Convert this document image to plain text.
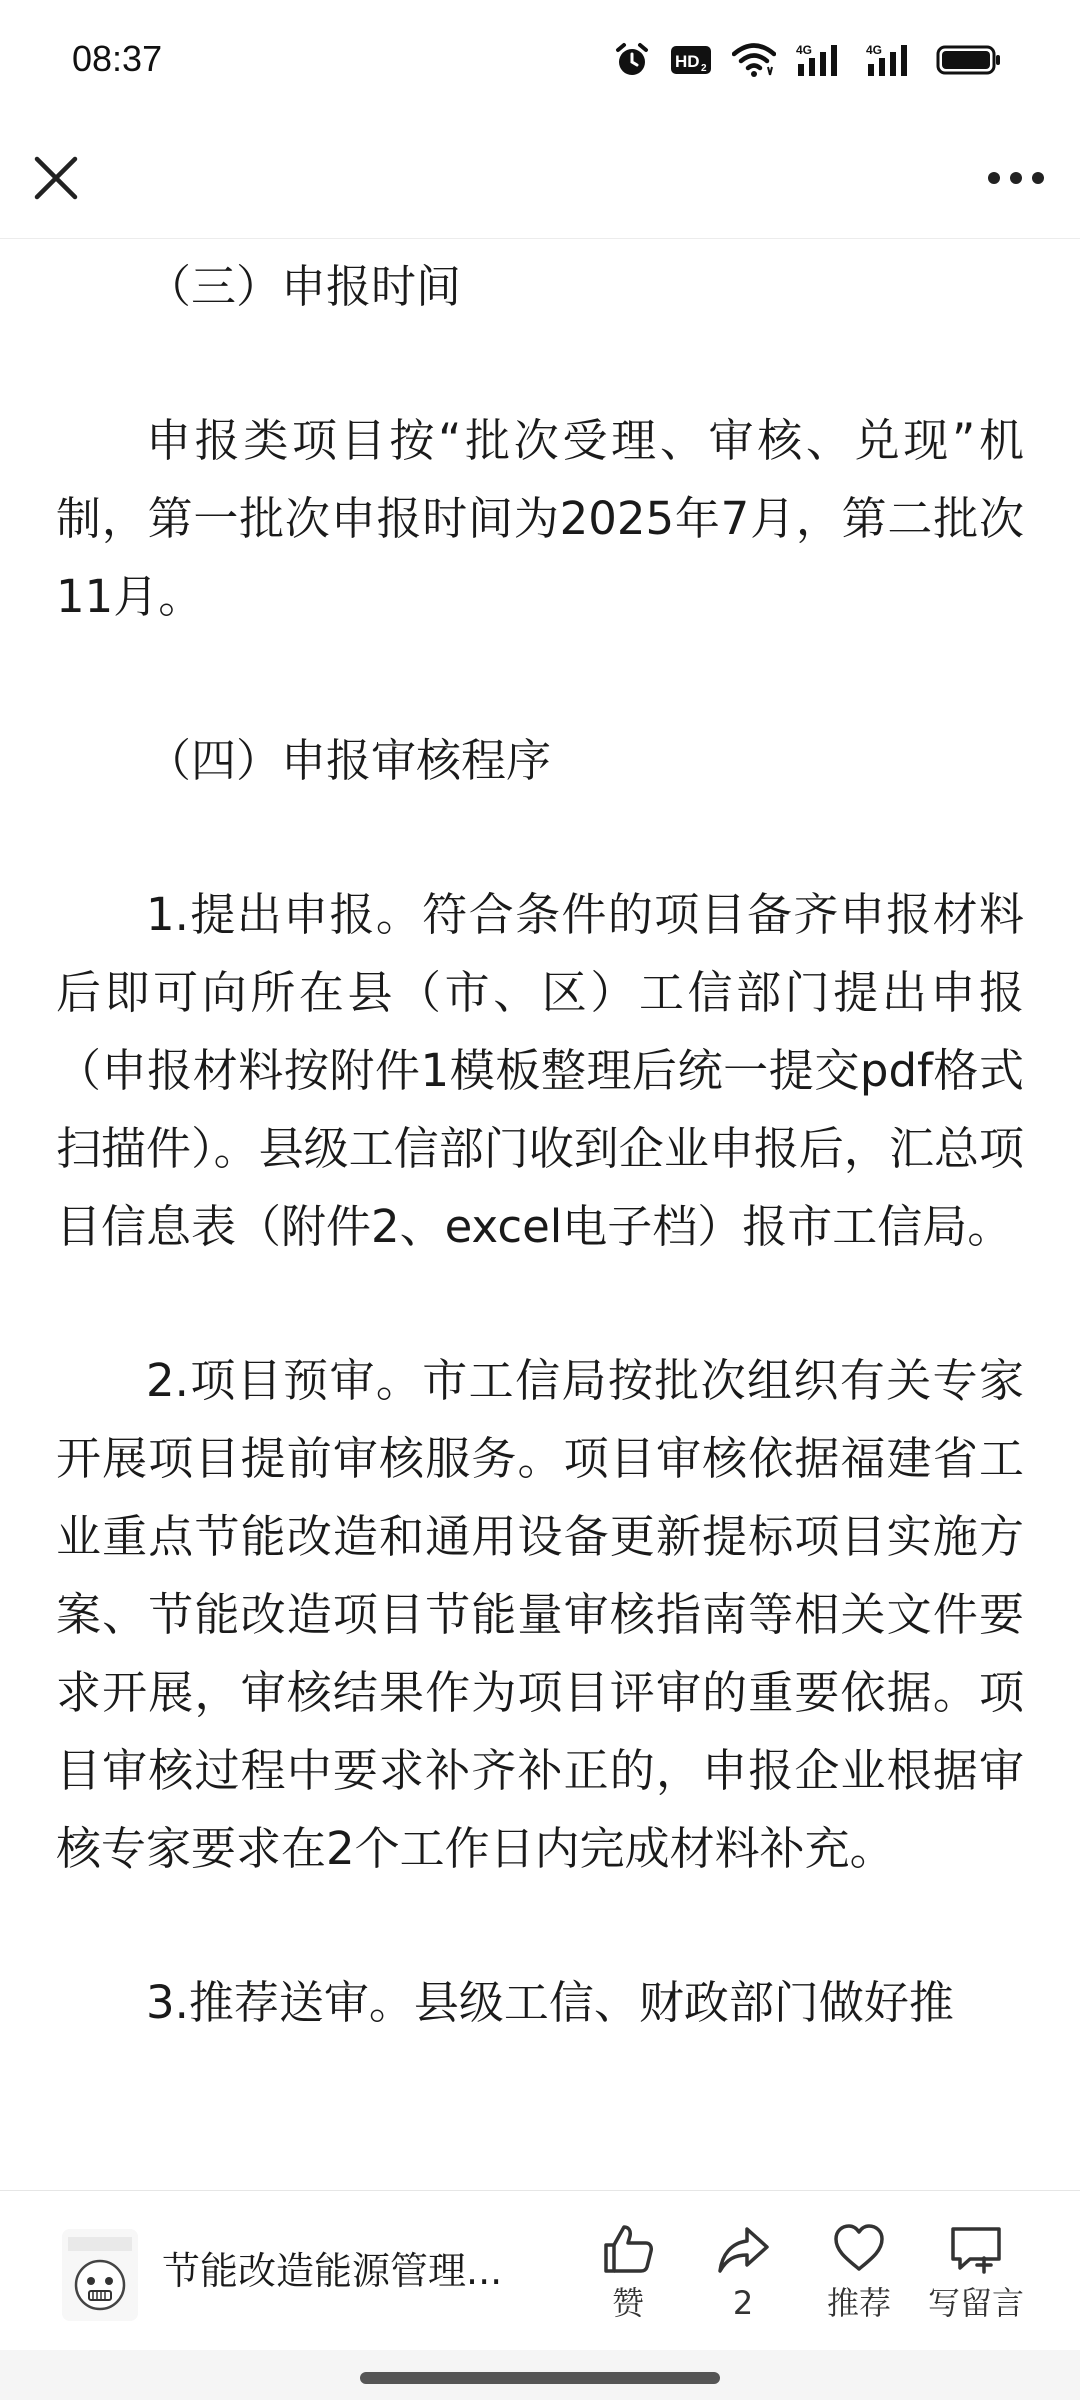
08:37	HD 2
4G	4G

（三）申报时间

申报类项目按“批次受理、审核、兑现”机制，第一批次申报时间为2025年7月，第二批次11月。

（四）申报审核程序

1.提出申报。符合条件的项目备齐申报材料后即可向所在县（市、区）工信部门提出申报（申报材料按附件1模板整理后统一提交pdf格式扫描件）。县级工信部门收到企业申报后，汇总项目信息表（附件2、excel电子档）报市工信局。

2.项目预审。市工信局按批次组织有关专家开展项目提前审核服务。项目审核依据福建省工业重点节能改造和通用设备更新提标项目实施方案、节能改造项目节能量审核指南等相关文件要求开展，审核结果作为项目评审的重要依据。项目审核过程中要求补齐补正的，申报企业根据审核专家要求在2个工作日内完成材料补充。

3.推荐送审。县级工信、财政部门做好推

节能改造能源管理...
赞	2	推荐	写留言
